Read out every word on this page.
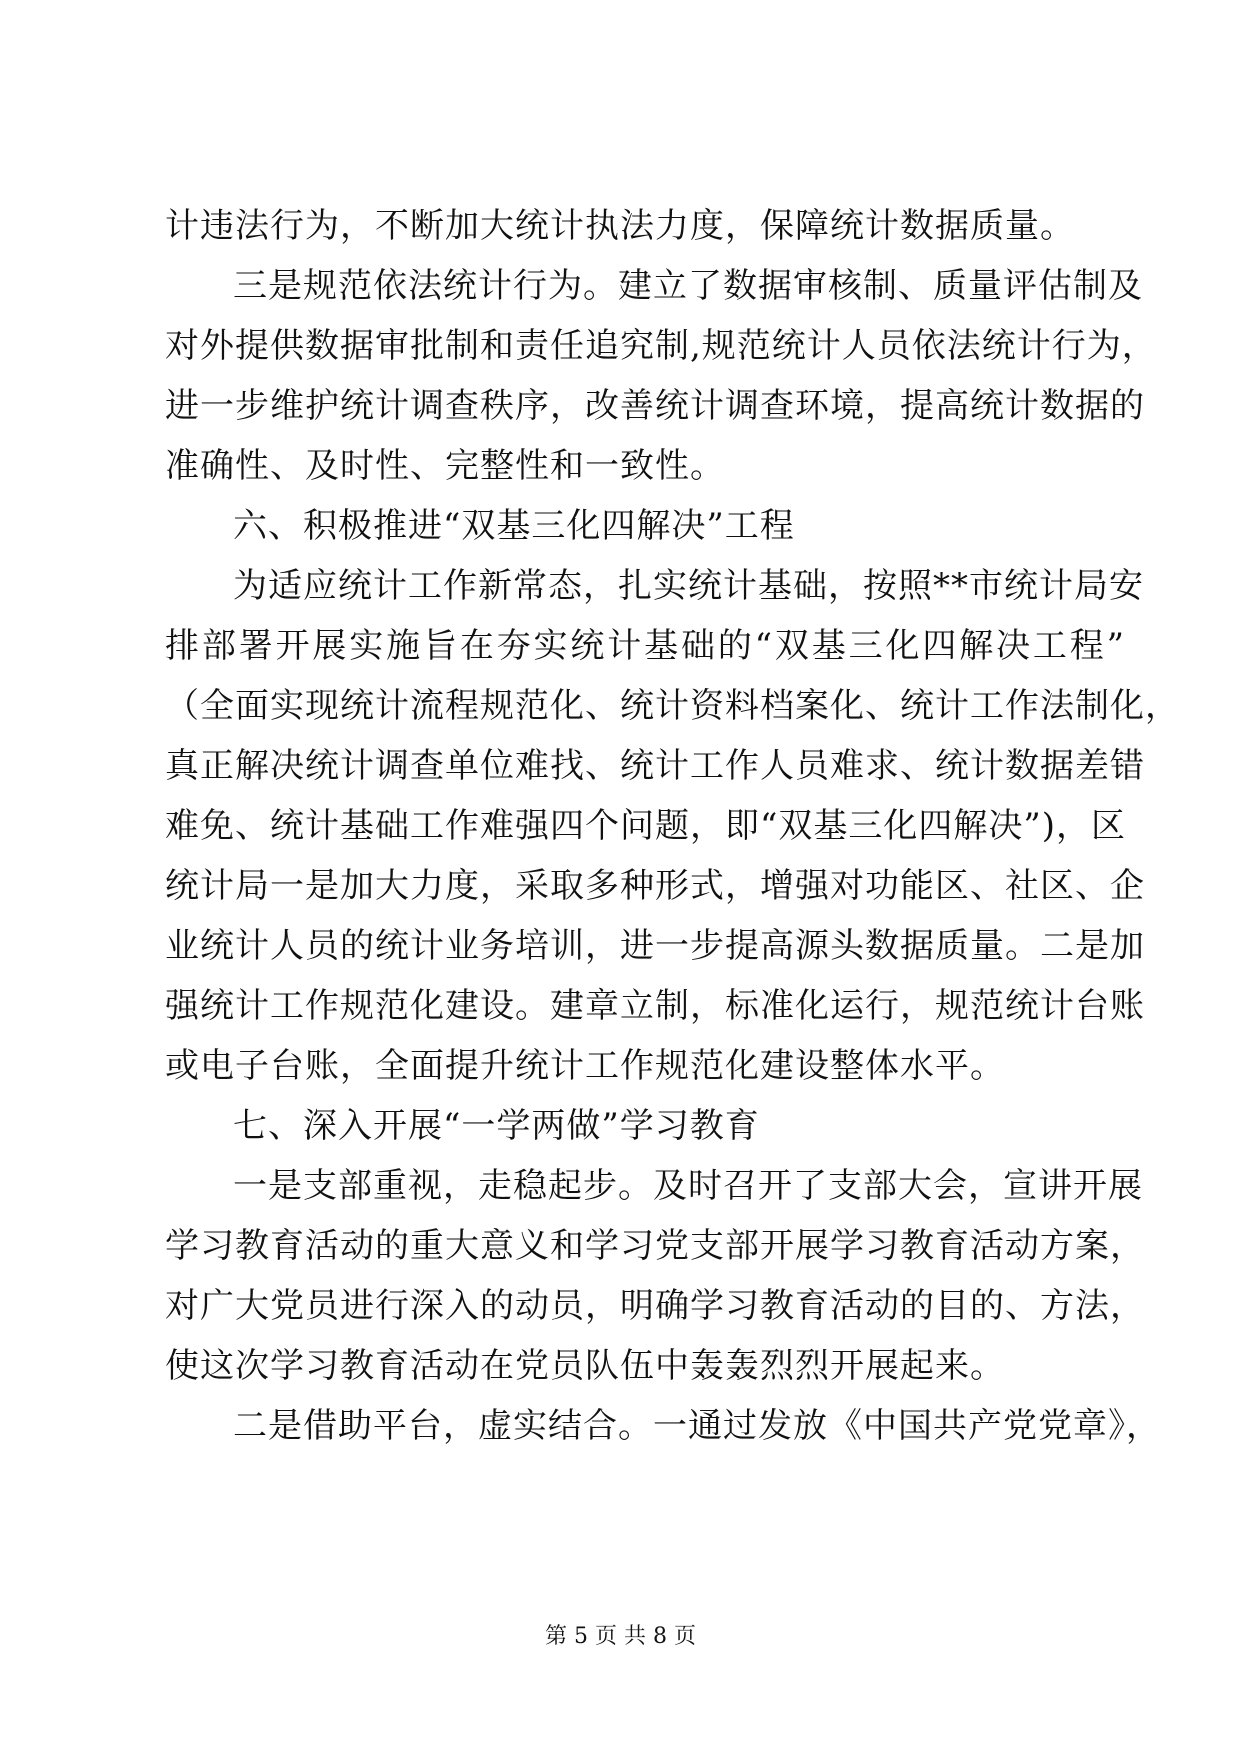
计违法行为，不断加大统计执法力度，保障统计数据质量。
三是规范依法统计行为。建立了数据审核制、质量评估制及
对外提供数据审批制和责任追究制,规范统计人员依法统计行为，
进一步维护统计调查秩序，改善统计调查环境，提高统计数据的
准确性、及时性、完整性和一致性。
六、积极推进“双基三化四解决”工程
为适应统计工作新常态，扎实统计基础，按照**市统计局安
排部署开展实施旨在夯实统计基础的“双基三化四解决工程”
（全面实现统计流程规范化、统计资料档案化、统计工作法制化，
真正解决统计调查单位难找、统计工作人员难求、统计数据差错
难免、统计基础工作难强四个问题，即“双基三化四解决”)，区
统计局一是加大力度，采取多种形式，增强对功能区、社区、企
业统计人员的统计业务培训，进一步提高源头数据质量。二是加
强统计工作规范化建设。建章立制，标准化运行，规范统计台账
或电子台账，全面提升统计工作规范化建设整体水平。
七、深入开展“一学两做”学习教育
一是支部重视，走稳起步。及时召开了支部大会，宣讲开展
学习教育活动的重大意义和学习党支部开展学习教育活动方案，
对广大党员进行深入的动员，明确学习教育活动的目的、方法，
使这次学习教育活动在党员队伍中轰轰烈烈开展起来。
二是借助平台，虚实结合。一通过发放《中国共产党党章》，
第 5 页 共 8 页
